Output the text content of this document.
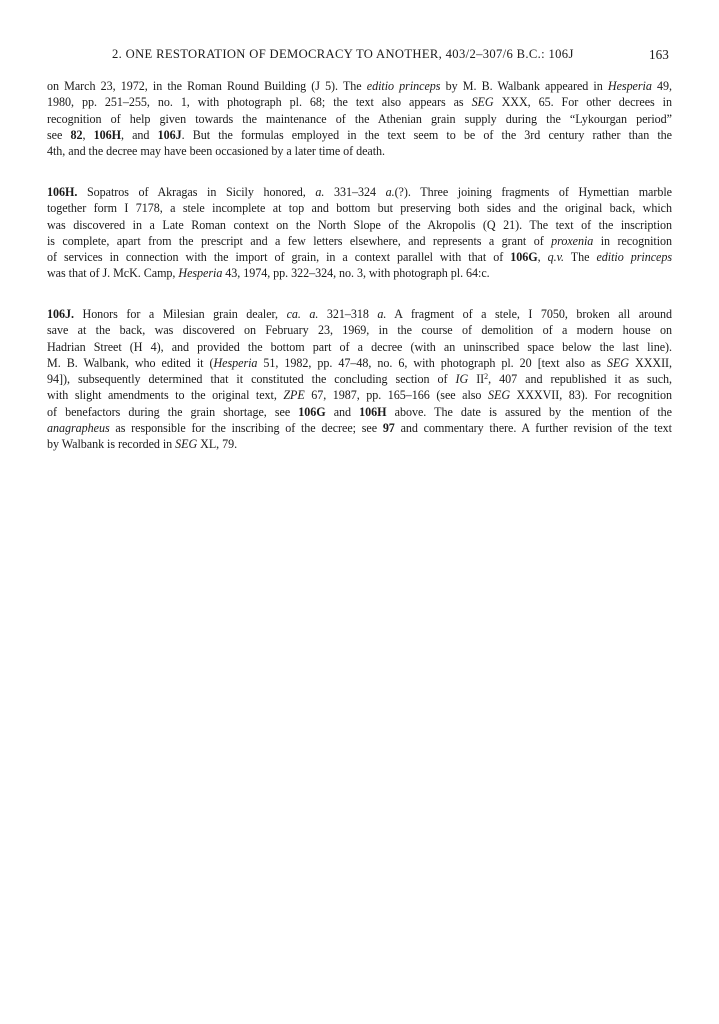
2. ONE RESTORATION OF DEMOCRACY TO ANOTHER, 403/2–307/6 B.C.: 106J	163
on March 23, 1972, in the Roman Round Building (J 5). The editio princeps by M. B. Walbank appeared in Hesperia 49,
1980, pp. 251–255, no. 1, with photograph pl. 68; the text also appears as SEG XXX, 65. For other decrees in
recognition of help given towards the maintenance of the Athenian grain supply during the “Lykourgan period”
see 82, 106H, and 106J. But the formulas employed in the text seem to be of the 3rd century rather than the
4th, and the decree may have been occasioned by a later time of death.
106H. Sopatros of Akragas in Sicily honored, a. 331–324 a.(?). Three joining fragments of Hymettian marble
together form I 7178, a stele incomplete at top and bottom but preserving both sides and the original back, which
was discovered in a Late Roman context on the North Slope of the Akropolis (Q 21). The text of the inscription
is complete, apart from the prescript and a few letters elsewhere, and represents a grant of proxenia in recognition
of services in connection with the import of grain, in a context parallel with that of 106G, q.v. The editio princeps
was that of J. McK. Camp, Hesperia 43, 1974, pp. 322–324, no. 3, with photograph pl. 64:c.
106J. Honors for a Milesian grain dealer, ca. a. 321–318 a. A fragment of a stele, I 7050, broken all around
save at the back, was discovered on February 23, 1969, in the course of demolition of a modern house on
Hadrian Street (H 4), and provided the bottom part of a decree (with an uninscribed space below the last line).
M. B. Walbank, who edited it (Hesperia 51, 1982, pp. 47–48, no. 6, with photograph pl. 20 [text also as SEG XXXII,
94]), subsequently determined that it constituted the concluding section of IG $II^2$, 407 and republished it as such,
with slight amendments to the original text, ZPE 67, 1987, pp. 165–166 (see also SEG XXXVII, 83). For recognition
of benefactors during the grain shortage, see 106G and 106H above. The date is assured by the mention of the
anagrapheus as responsible for the inscribing of the decree; see 97 and commentary there. A further revision of the text
by Walbank is recorded in SEG XL, 79.
